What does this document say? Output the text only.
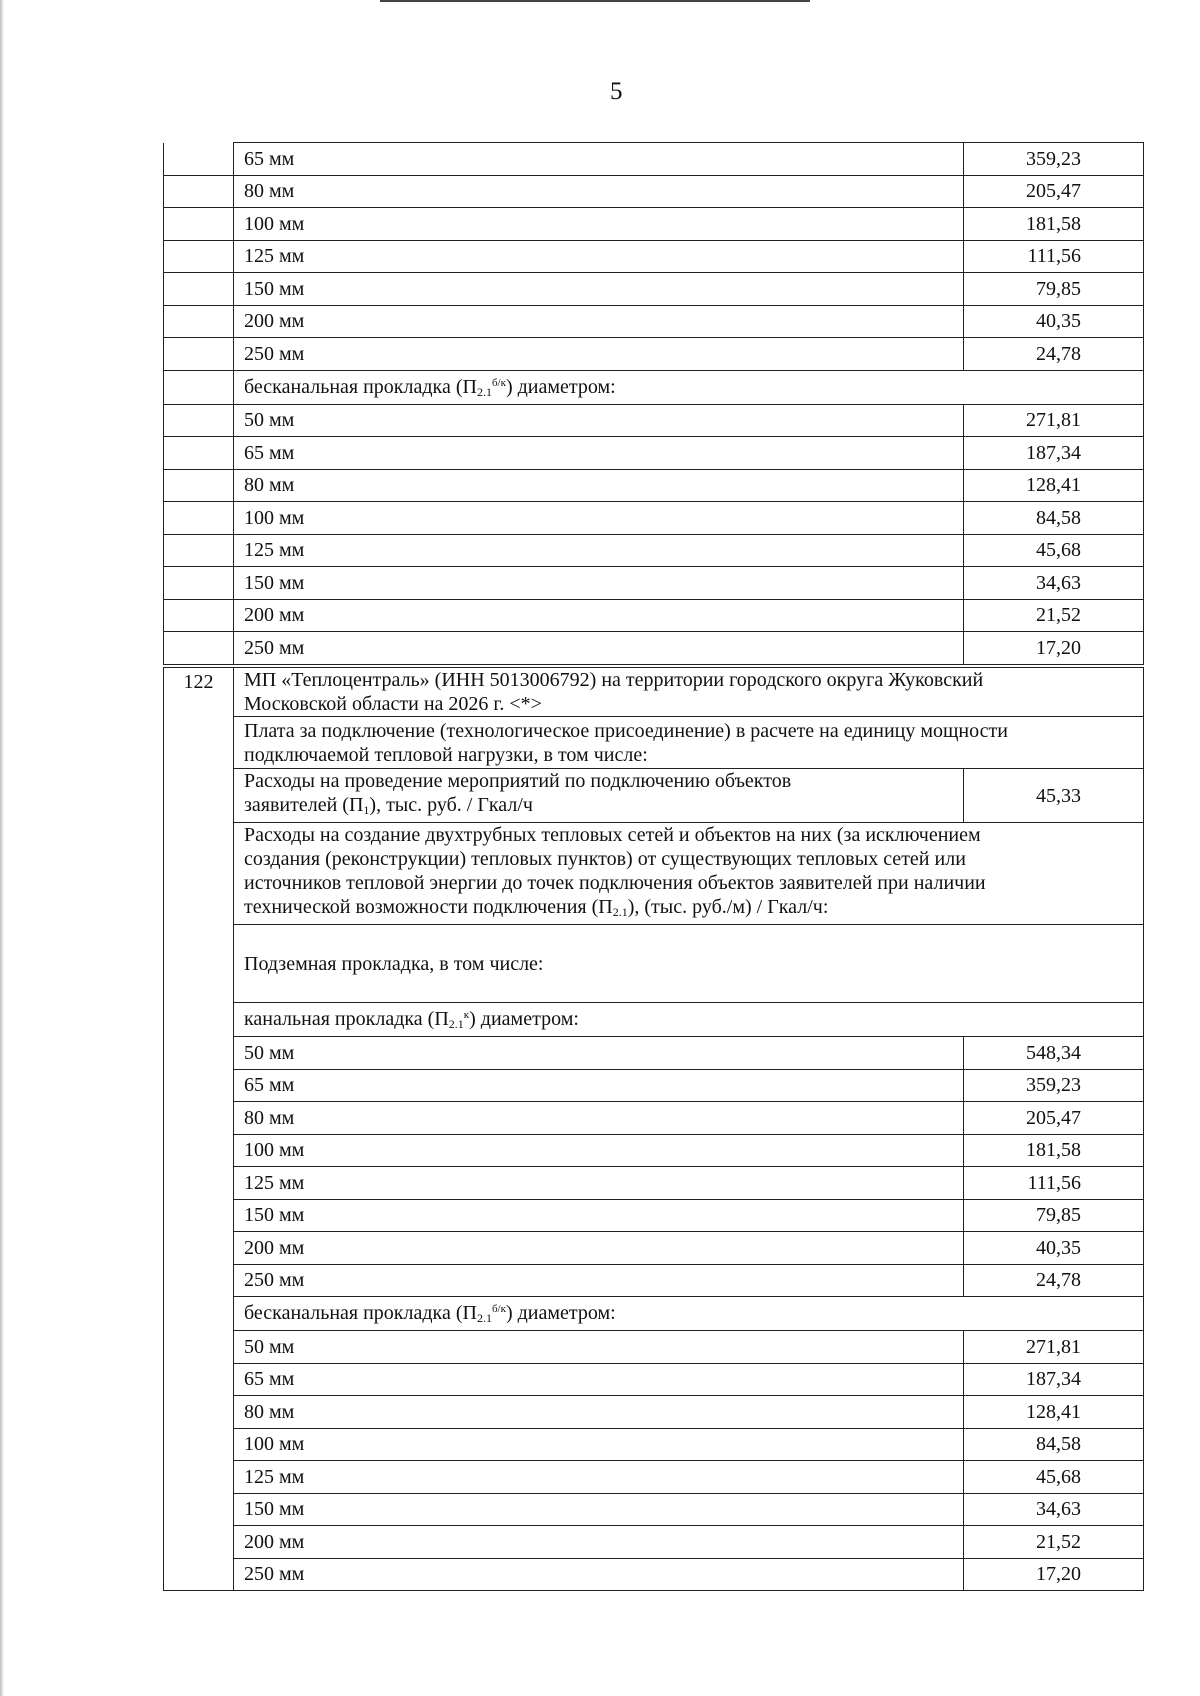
5
	65 мм	359,23
	80 мм	205,47
	100 мм	181,58
	125 мм	111,56
	150 мм	79,85
	200 мм	40,35
	250 мм	24,78
	бесканальная прокладка $(П_{2.1}^{б/к})$ диаметром:	
	50 мм	271,81
	65 мм	187,34
	80 мм	128,41
	100 мм	84,58
	125 мм	45,68
	150 мм	34,63
	200 мм	21,52
	250 мм	17,20
122	МП «Теплоцентраль» (ИНН 5013006792) на территории городского округа Жуковский
Московской области на 2026 г. <*>	
	Плата за подключение (технологическое присоединение) в расчете на единицу мощности
подключаемой тепловой нагрузки, в том числе:	
	Расходы на проведение мероприятий по подключению объектов
заявителей $(П_1)$, тыс. руб. / Гкал/ч	45,33
	Расходы на создание двухтрубных тепловых сетей и объектов на них (за исключением
создания (реконструкции) тепловых пунктов) от существующих тепловых сетей или
источников тепловой энергии до точек подключения объектов заявителей при наличии
технической возможности подключения $(П_{2.1})$, (тыс. руб./м) / Гкал/ч:	
	Подземная прокладка, в том числе:	
	канальная прокладка $(П_{2.1}^к)$ диаметром:	
	50 мм	548,34
	65 мм	359,23
	80 мм	205,47
	100 мм	181,58
	125 мм	111,56
	150 мм	79,85
	200 мм	40,35
	250 мм	24,78
	бесканальная прокладка $(П_{2.1}^{б/к})$ диаметром:	
	50 мм	271,81
	65 мм	187,34
	80 мм	128,41
	100 мм	84,58
	125 мм	45,68
	150 мм	34,63
	200 мм	21,52
	250 мм	17,20
